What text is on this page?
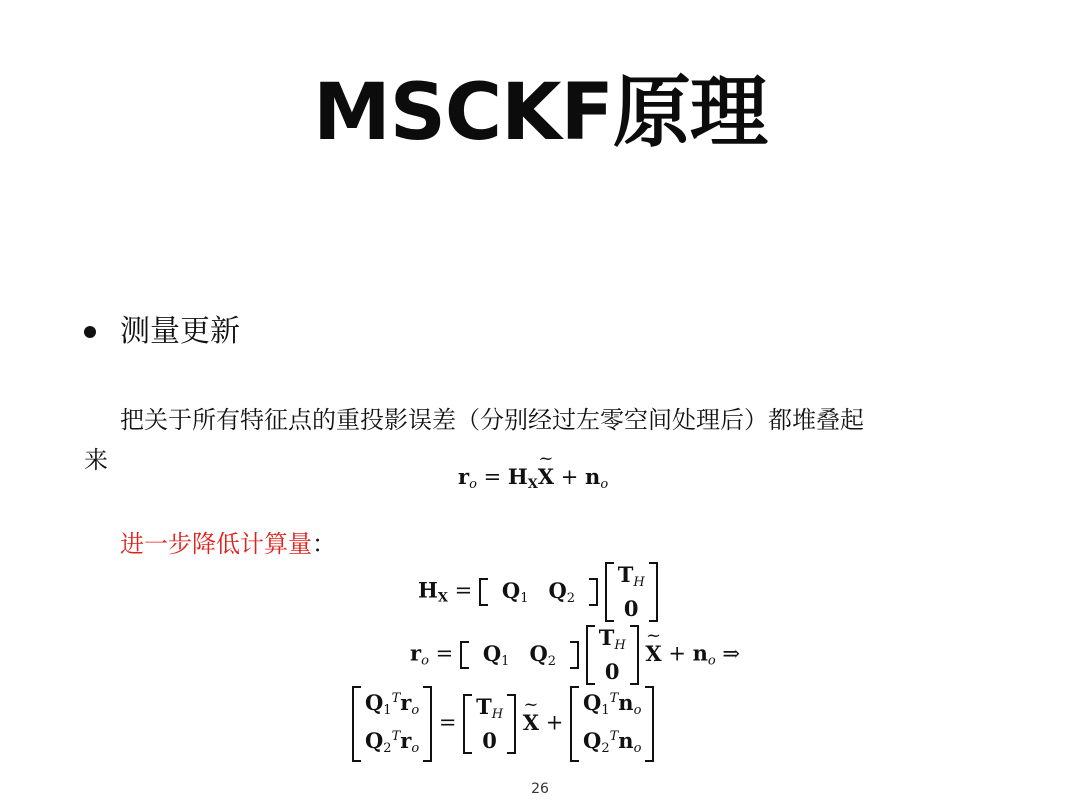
MSCKF原理
测量更新
把关于所有特征点的重投影误差（分别经过左零空间处理后）都堆叠起
来
$r_o$ = $H_X\sim$ $X + n_o$
进一步降低计算量：
$H_X = Q_1$ $Q_2$

$T_H$
0
$r_o = Q_1$ $Q_2$

$T_H$
0
~ $X + n_o$ ⇒
$Q_1^Tr_o$
$Q_2^Tr_o$
=
$T_H$
0
~ X +
$Q_1^Tn_o$
$Q_2^Tn_o$
26
